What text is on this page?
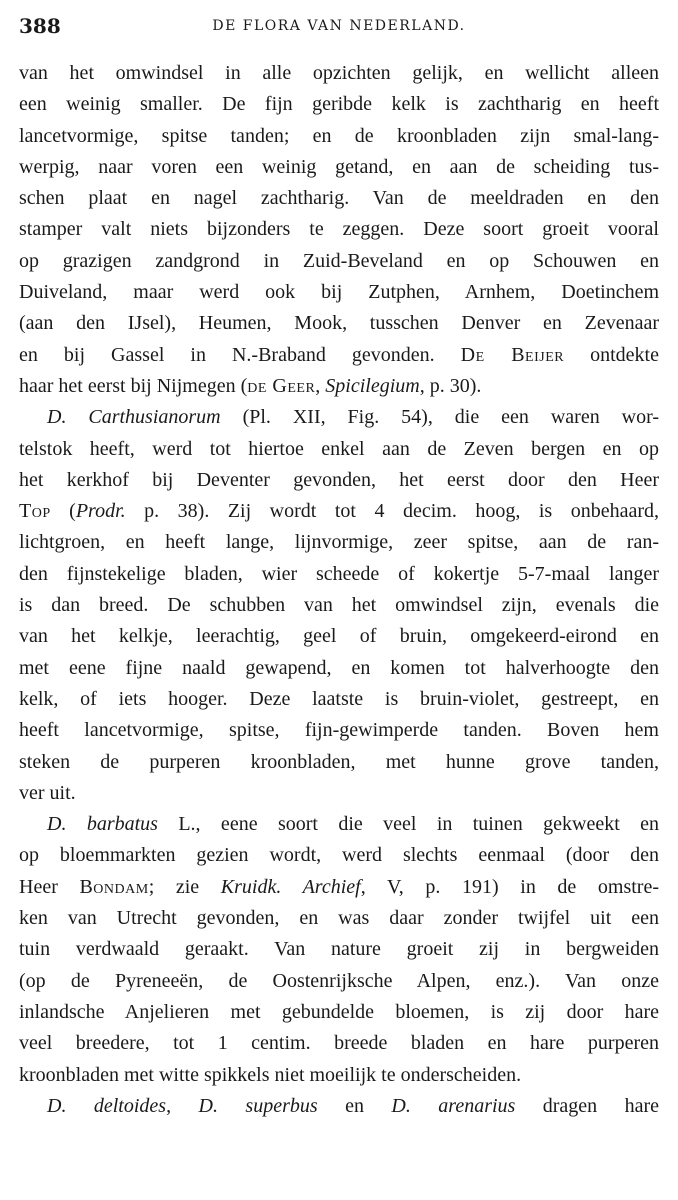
388	DE FLORA VAN NEDERLAND.
van het omwindsel in alle opzichten gelijk, en wellicht alleen
een weinig smaller. De fijn geribde kelk is zachtharig en heeft
lancetvormige, spitse tanden; en de kroonbladen zijn smal-lang-
werpig, naar voren een weinig getand, en aan de scheiding tus-
schen plaat en nagel zachtharig. Van de meeldraden en den
stamper valt niets bijzonders te zeggen. Deze soort groeit vooral
op grazigen zandgrond in Zuid-Beveland en op Schouwen en
Duiveland, maar werd ook bij Zutphen, Arnhem, Doetinchem
(aan den IJsel), Heumen, Mook, tusschen Denver en Zevenaar
en bij Gassel in N.-Braband gevonden. De Beijer ontdekte
haar het eerst bij Nijmegen (de Geer, Spicilegium, p. 30).
D. Carthusianorum (Pl. XII, Fig. 54), die een waren wor-
telstok heeft, werd tot hiertoe enkel aan de Zeven bergen en op
het kerkhof bij Deventer gevonden, het eerst door den Heer
Top (Prodr. p. 38). Zij wordt tot 4 decim. hoog, is onbehaard,
lichtgroen, en heeft lange, lijnvormige, zeer spitse, aan de ran-
den fijnstekelige bladen, wier scheede of kokertje 5-7-maal langer
is dan breed. De schubben van het omwindsel zijn, evenals die
van het kelkje, leerachtig, geel of bruin, omgekeerd-eirond en
met eene fijne naald gewapend, en komen tot halverhoogte den
kelk, of iets hooger. Deze laatste is bruin-violet, gestreept, en
heeft lancetvormige, spitse, fijn-gewimperde tanden. Boven hem
steken de purperen kroonbladen, met hunne grove tanden,
ver uit.
D. barbatus L., eene soort die veel in tuinen gekweekt en
op bloemmarkten gezien wordt, werd slechts eenmaal (door den
Heer Bondam; zie Kruidk. Archief, V, p. 191) in de omstre-
ken van Utrecht gevonden, en was daar zonder twijfel uit een
tuin verdwaald geraakt. Van nature groeit zij in bergweiden
(op de Pyreneeën, de Oostenrijksche Alpen, enz.). Van onze
inlandsche Anjelieren met gebundelde bloemen, is zij door hare
veel breedere, tot 1 centim. breede bladen en hare purperen
kroonbladen met witte spikkels niet moeilijk te onderscheiden.
D. deltoides, D. superbus en D. arenarius dragen hare
